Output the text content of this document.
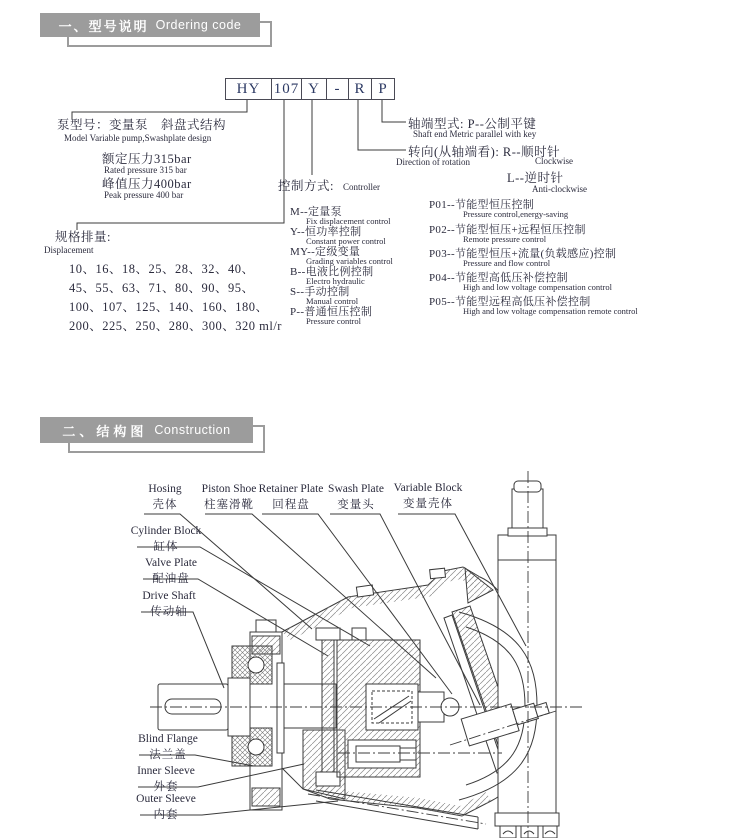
一、型号说明 Ordering code
HY 107 Y - R P
泵型号：变量泵　斜盘式结构
Model Variable pump,Swashplate design
额定压力315bar
Rated pressure 315 bar
峰值压力400bar
Peak pressure 400 bar
规格排量:
Displacement
10、16、18、25、28、32、40、
45、55、63、71、80、90、95、
100、107、125、140、160、180、
200、225、250、280、300、320 ml/r
控制方式: Controller
M--定量泵
Fix displacement control
Y--恒功率控制
Constant power control
MY--定级变量
Grading variables control
B--电液比例控制
Electro hydraulic
S--手动控制
Manual control
P--普通恒压控制
Pressure control
轴端型式: P--公制平键
Shaft end Metric parallel with key
转向(从轴端看): R--顺时针
Direction of rotation	Clockwise
L--逆时针
Anti-clockwise
P01--节能型恒压控制
Pressure control,energy-saving
P02--节能型恒压+远程恒压控制
Remote pressure control
P03--节能型恒压+流量(负载感应)控制
Pressure and flow control
P04--节能型高低压补偿控制
High and low voltage compensation control
P05--节能型远程高低压补偿控制
High and low voltage compensation remote control
二、结构图 Construction
Hosing
壳体
Piston Shoe
柱塞滑靴
Retainer Plate
回程盘
Swash Plate
变量头
Variable Block
变量壳体
Cylinder Block
缸体
Valve Plate
配油盘
Drive Shaft
传动轴
Blind Flange
法兰盖
Inner Sleeve
外套
Outer Sleeve
内套
